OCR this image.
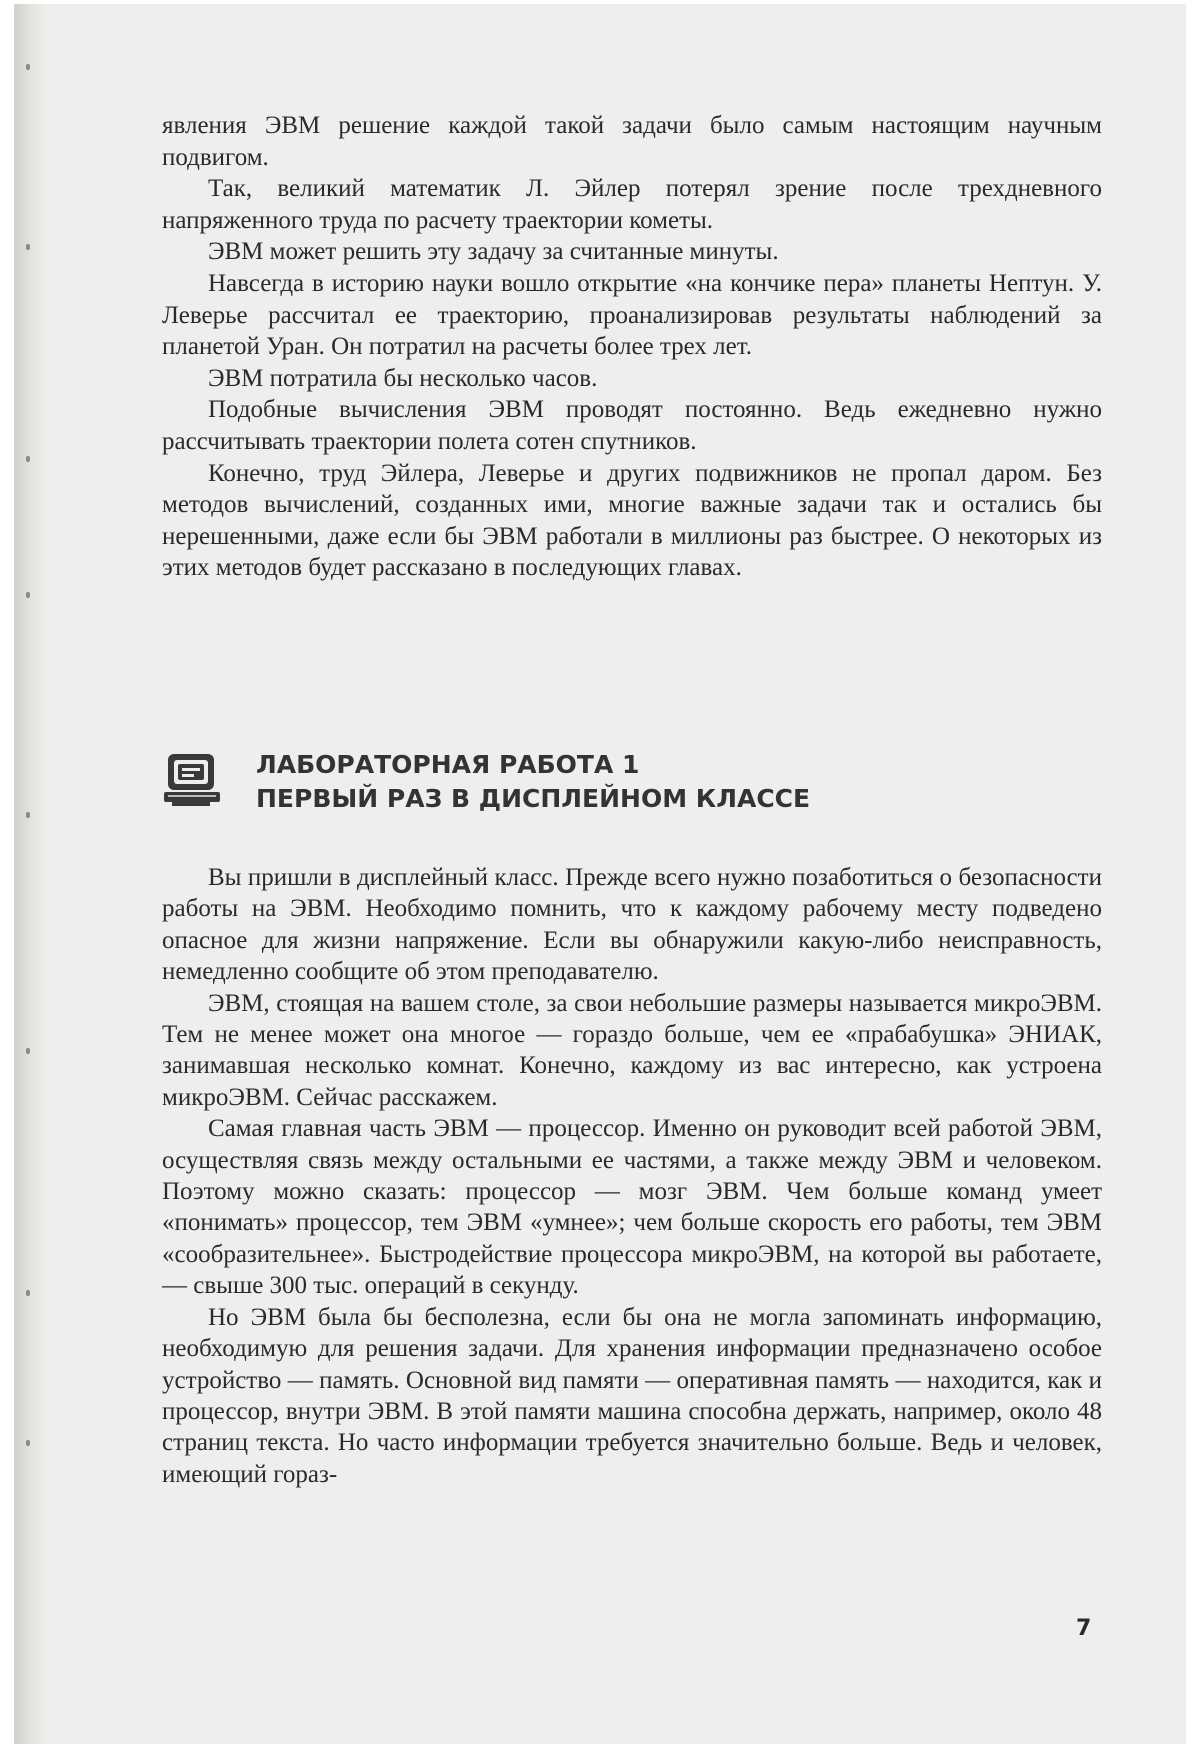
явления ЭВМ решение каждой такой задачи было самым настоящим научным подвигом.

Так, великий математик Л. Эйлер потерял зрение после трехдневного напряженного труда по расчету траектории кометы.

ЭВМ может решить эту задачу за считанные минуты.

Навсегда в историю науки вошло открытие «на кончике пера» планеты Нептун. У. Леверье рассчитал ее траекторию, проанализировав результаты наблюдений за планетой Уран. Он потратил на расчеты более трех лет.

ЭВМ потратила бы несколько часов.

Подобные вычисления ЭВМ проводят постоянно. Ведь ежедневно нужно рассчитывать траектории полета сотен спутников.

Конечно, труд Эйлера, Леверье и других подвижников не пропал даром. Без методов вычислений, созданных ими, многие важные задачи так и остались бы нерешенными, даже если бы ЭВМ работали в миллионы раз быстрее. О некоторых из этих методов будет рассказано в последующих главах.

ЛАБОРАТОРНАЯ РАБОТА 1
ПЕРВЫЙ РАЗ В ДИСПЛЕЙНОМ КЛАССЕ

Вы пришли в дисплейный класс. Прежде всего нужно позаботиться о безопасности работы на ЭВМ. Необходимо помнить, что к каждому рабочему месту подведено опасное для жизни напряжение. Если вы обнаружили какую-либо неисправность, немедленно сообщите об этом преподавателю.

ЭВМ, стоящая на вашем столе, за свои небольшие размеры называется микроЭВМ. Тем не менее может она многое — гораздо больше, чем ее «прабабушка» ЭНИАК, занимавшая несколько комнат. Конечно, каждому из вас интересно, как устроена микроЭВМ. Сейчас расскажем.

Самая главная часть ЭВМ — процессор. Именно он руководит всей работой ЭВМ, осуществляя связь между остальными ее частями, а также между ЭВМ и человеком. Поэтому можно сказать: процессор — мозг ЭВМ. Чем больше команд умеет «понимать» процессор, тем ЭВМ «умнее»; чем больше скорость его работы, тем ЭВМ «сообразительнее». Быстродействие процессора микроЭВМ, на которой вы работаете,— свыше 300 тыс. операций в секунду.

Но ЭВМ была бы бесполезна, если бы она не могла запоминать информацию, необходимую для решения задачи. Для хранения информации предназначено особое устройство — память. Основной вид памяти — оперативная память — находится, как и процессор, внутри ЭВМ. В этой памяти машина способна держать, например, около 48 страниц текста. Но часто информации требуется значительно больше. Ведь и человек, имеющий гораз-

7
